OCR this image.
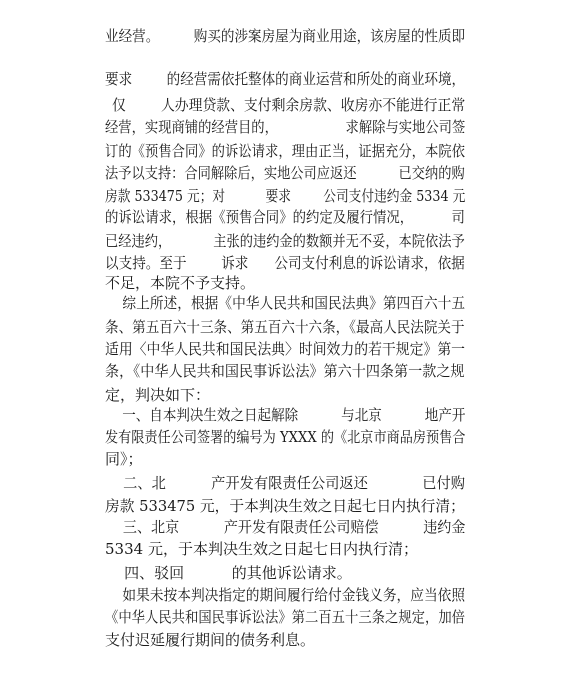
业经营。        购买的涉案房屋为商业用途，该房屋的性质即
要求        的经营需依托整体的商业运营和所处的商业环境，
仅        人办理贷款、支付剩余房款、收房亦不能进行正常
经营，实现商铺的经营目的，                求解除与实地公司签
订的《预售合同》的诉讼请求，理由正当，证据充分，本院依
法予以支持：合同解除后，实地公司应返还          已交纳的购
房款 533475 元；对          要求        公司支付违约金 5334 元
的诉讼请求，根据《预售合同》的约定及履行情况，         司
已经违约，          主张的违约金的数额并无不妥，本院依法予
以支持。至于        诉求      公司支付利息的诉讼请求，依据
不足，本院不予支持。
综上所述，根据《中华人民共和国民法典》第四百六十五
条、第五百六十三条、第五百六十六条，《最高人民法院关于
适用〈中华人民共和国民法典〉时间效力的若干规定》第一
条，《中华人民共和国民事诉讼法》第六十四条第一款之规
定，判决如下：
一、自本判决生效之日起解除          与北京          地产开
发有限责任公司签署的编号为 YXXX 的《北京市商品房预售合
同》；
二、北          产开发有限责任公司返还            已付购
房款 533475 元，于本判决生效之日起七日内执行清；
三、北京          产开发有限责任公司赔偿          违约金
5334 元，于本判决生效之日起七日内执行清；
四、驳回          的其他诉讼请求。
如果未按本判决指定的期间履行给付金钱义务，应当依照
《中华人民共和国民事诉讼法》第二百五十三条之规定，加倍
支付迟延履行期间的债务利息。
